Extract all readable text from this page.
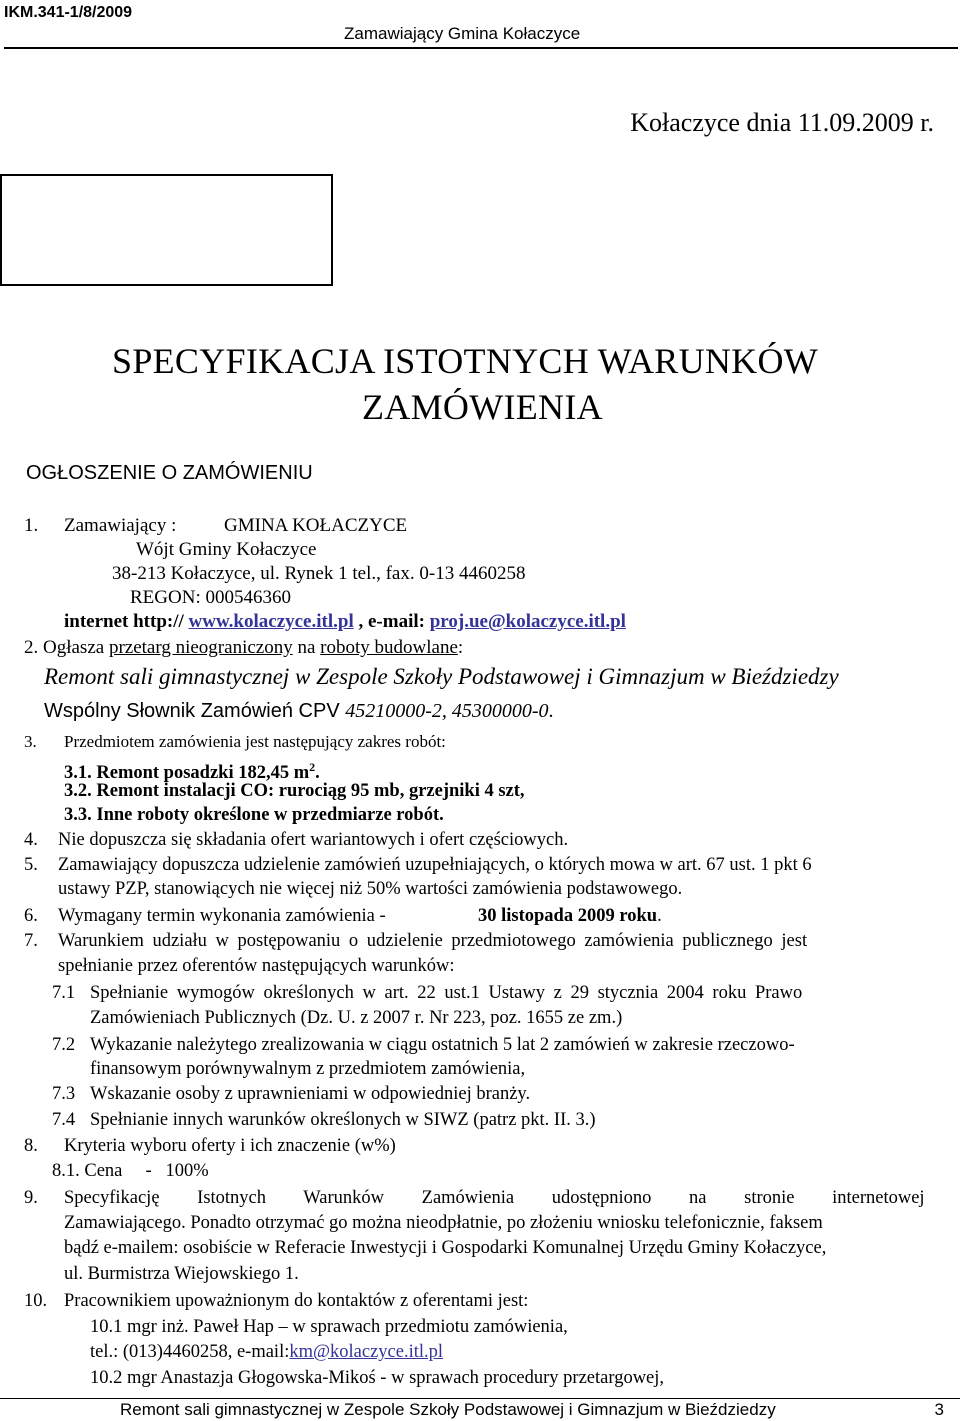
IKM.341-1/8/2009
Zamawiający Gmina Kołaczyce
Kołaczyce dnia 11.09.2009 r.
SPECYFIKACJA ISTOTNYCH WARUNKÓW
ZAMÓWIENIA
OGŁOSZENIE O ZAMÓWIENIU
1. Zamawiający :	GMINA KOŁACZYCE
Wójt Gminy Kołaczyce
38-213 Kołaczyce, ul. Rynek 1 tel., fax. 0-13 4460258
REGON: 000546360
internet http:// www.kolaczyce.itl.pl , e-mail: proj.ue@kolaczyce.itl.pl
2. Ogłasza przetarg nieograniczony na roboty budowlane:
Remont sali gimnastycznej w Zespole Szkoły Podstawowej i Gimnazjum w Bieździedzy
Wspólny Słownik Zamówień CPV 45210000-2, 45300000-0.
3. Przedmiotem zamówienia jest następujący zakres robót:
3.1. Remont posadzki 182,45 $m^2$.
3.2. Remont instalacji CO: rurociąg 95 mb, grzejniki 4 szt,
3.3. Inne roboty określone w przedmiarze robót.
4. Nie dopuszcza się składania ofert wariantowych i ofert częściowych.
5. Zamawiający dopuszcza udzielenie zamówień uzupełniających, o których mowa w art. 67 ust. 1 pkt 6
ustawy PZP, stanowiących nie więcej niż 50% wartości zamówienia podstawowego.
6. Wymagany termin wykonania zamówienia -	30 listopada 2009 roku.
7. Warunkiem udziału w postępowaniu o udzielenie przedmiotowego zamówienia publicznego jest
spełnianie przez oferentów następujących warunków:
7.1 Spełnianie wymogów określonych w art. 22 ust.1 Ustawy z 29 stycznia 2004 roku Prawo
Zamówieniach Publicznych (Dz. U. z 2007 r. Nr 223, poz. 1655 ze zm.)
7.2 Wykazanie należytego zrealizowania w ciągu ostatnich 5 lat 2 zamówień w zakresie rzeczowo-
finansowym porównywalnym z przedmiotem zamówienia,
7.3 Wskazanie osoby z uprawnieniami w odpowiedniej branży.
7.4 Spełnianie innych warunków określonych w SIWZ (patrz pkt. II. 3.)
8. Kryteria wyboru oferty i ich znaczenie (w%)
8.1. Cena     -   100%
9. Specyfikację Istotnych Warunków Zamówienia udostępniono na stronie internetowej
Zamawiającego. Ponadto otrzymać go można nieodpłatnie, po złożeniu wniosku telefonicznie, faksem
bądź e-mailem: osobiście w Referacie Inwestycji i Gospodarki Komunalnej Urzędu Gminy Kołaczyce,
ul. Burmistrza Wiejowskiego 1.
10. Pracownikiem upoważnionym do kontaktów z oferentami jest:
10.1 mgr inż. Paweł Hap – w sprawach przedmiotu zamówienia,
tel.: (013)4460258, e-mail:km@kolaczyce.itl.pl
10.2 mgr Anastazja Głogowska-Mikoś - w sprawach procedury przetargowej,
Remont sali gimnastycznej w Zespole Szkoły Podstawowej i Gimnazjum w Bieździedzy	3
